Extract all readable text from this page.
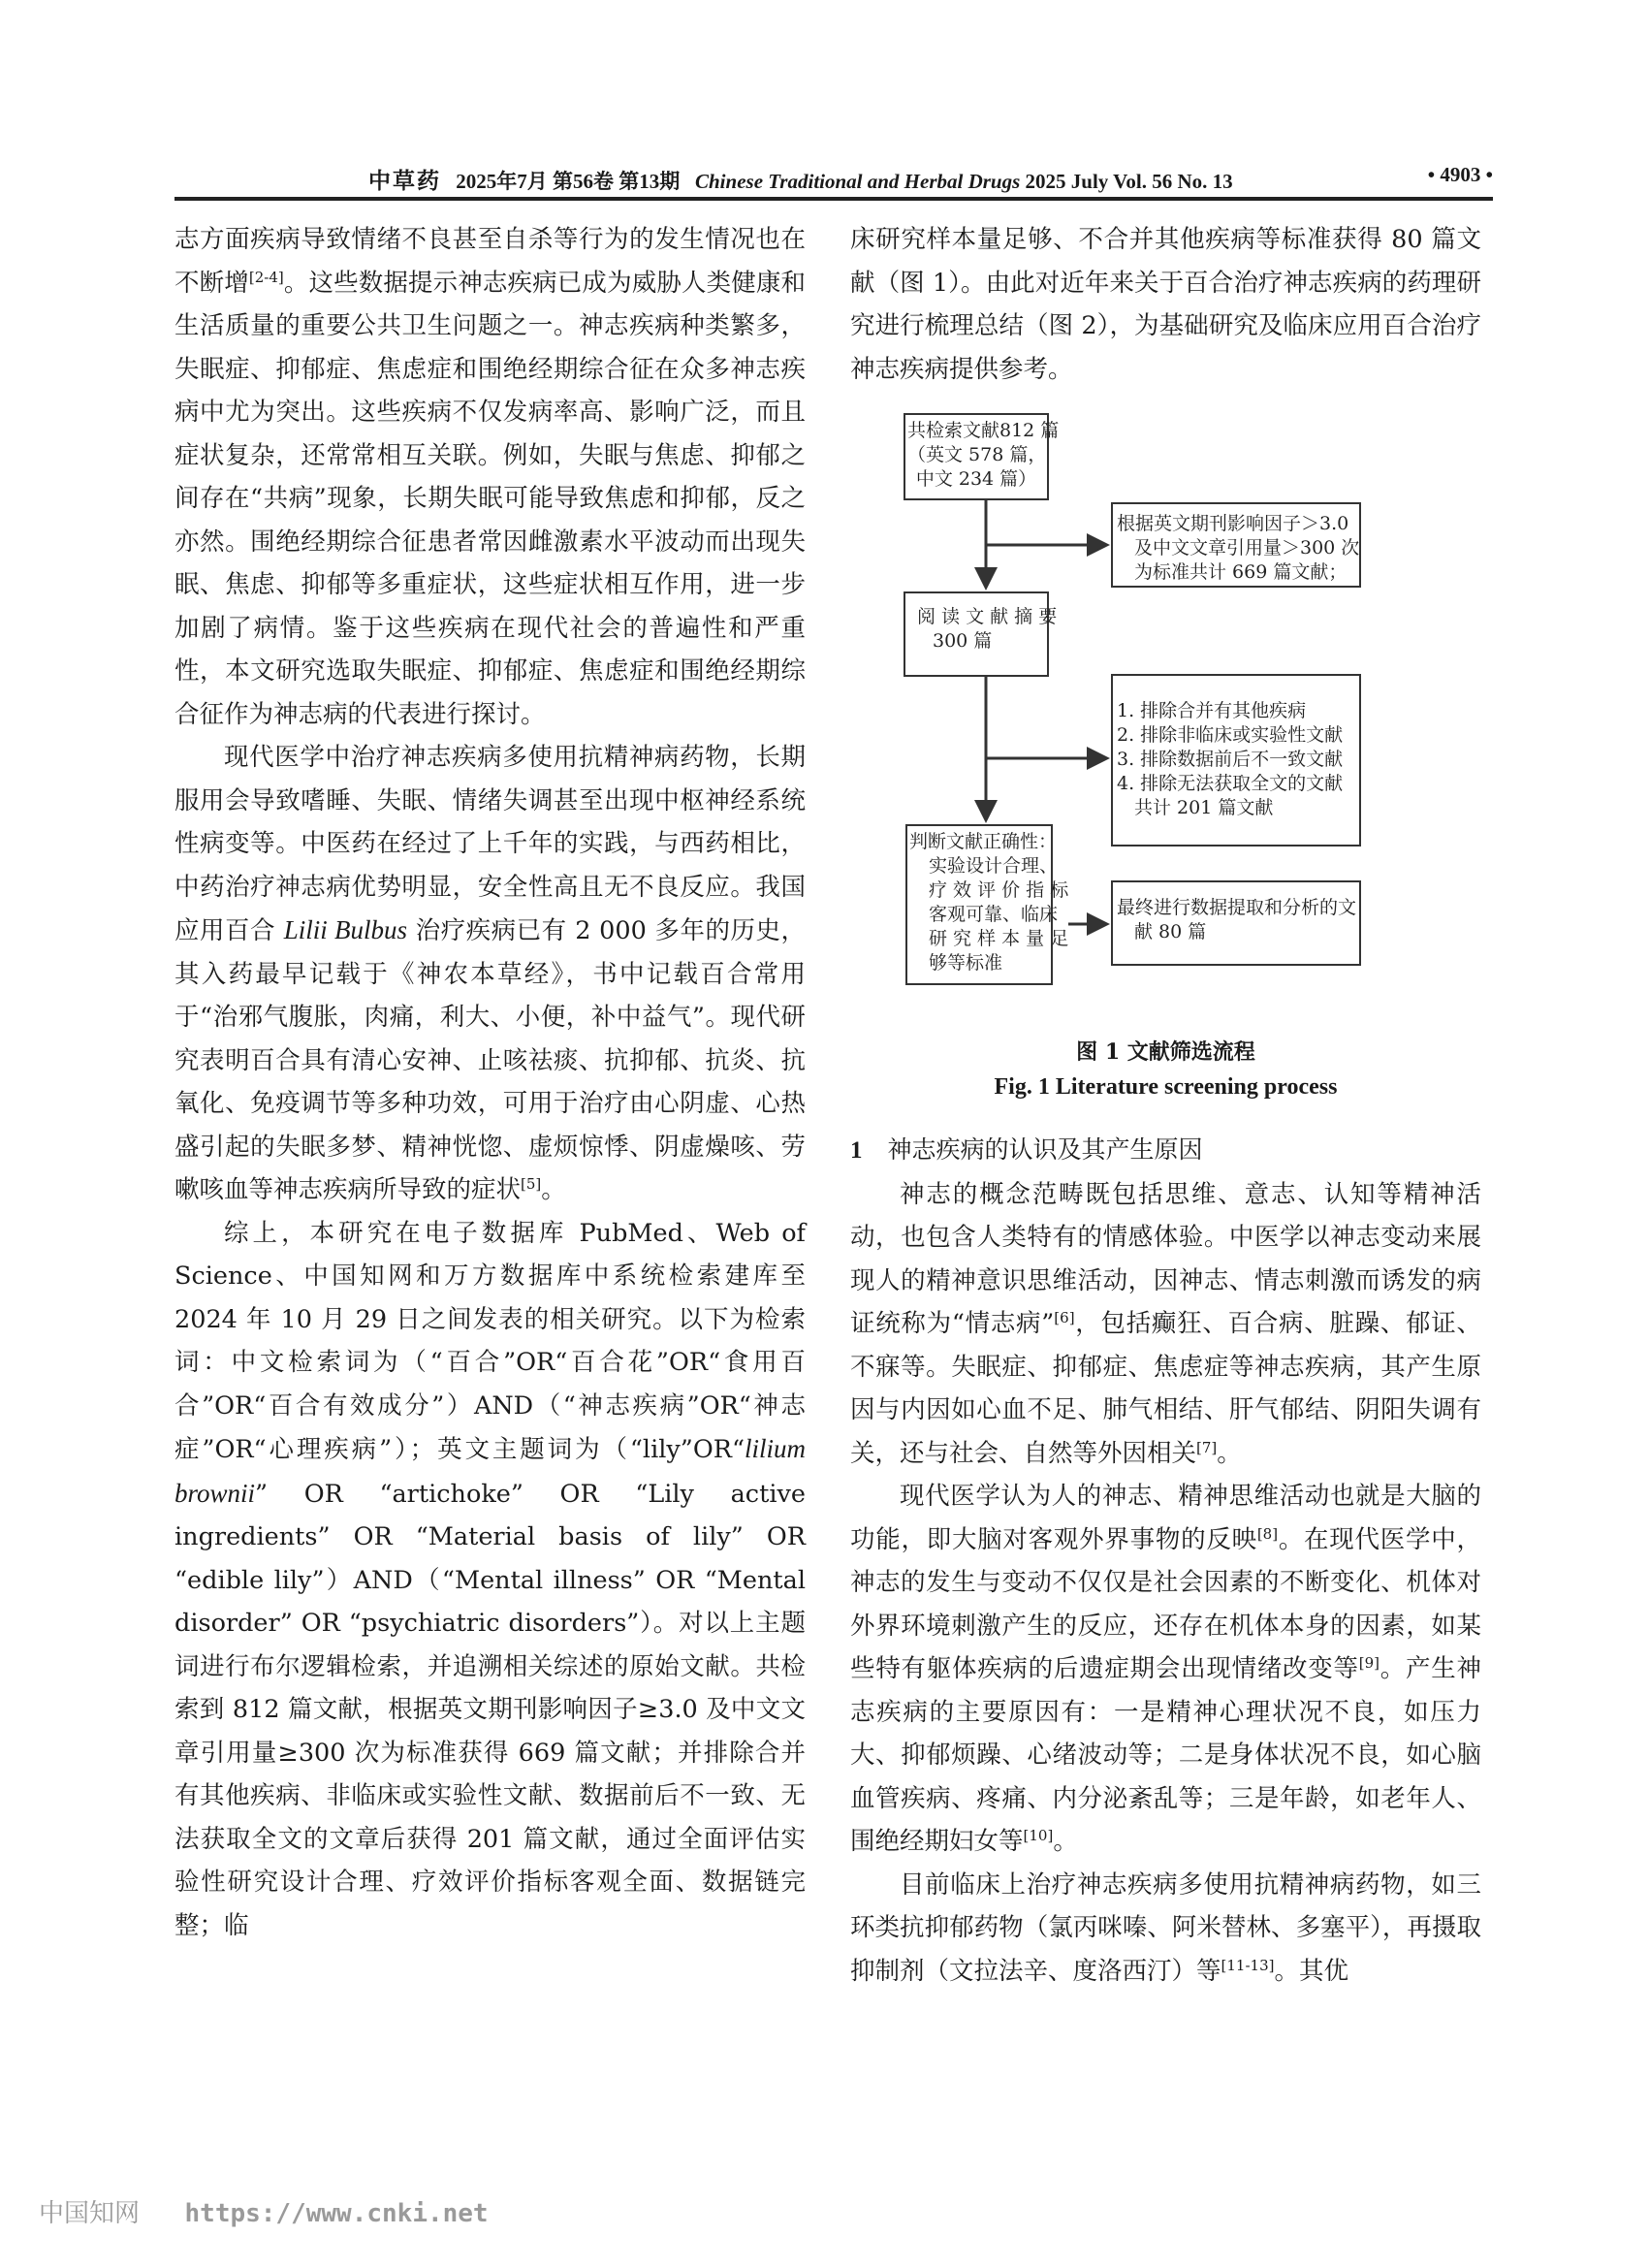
中草药 2025年7月 第56卷 第13期 Chinese Traditional and Herbal Drugs 2025 July Vol. 56 No. 13	• 4903 •

志方面疾病导致情绪不良甚至自杀等行为的发生情况也在不断增[2-4]。这些数据提示神志疾病已成为威胁人类健康和生活质量的重要公共卫生问题之一。神志疾病种类繁多，失眠症、抑郁症、焦虑症和围绝经期综合征在众多神志疾病中尤为突出。这些疾病不仅发病率高、影响广泛，而且症状复杂，还常常相互关联。例如，失眠与焦虑、抑郁之间存在“共病”现象，长期失眠可能导致焦虑和抑郁，反之亦然。围绝经期综合征患者常因雌激素水平波动而出现失眠、焦虑、抑郁等多重症状，这些症状相互作用，进一步加剧了病情。鉴于这些疾病在现代社会的普遍性和严重性，本文研究选取失眠症、抑郁症、焦虑症和围绝经期综合征作为神志病的代表进行探讨。

现代医学中治疗神志疾病多使用抗精神病药物，长期服用会导致嗜睡、失眠、情绪失调甚至出现中枢神经系统性病变等。中医药在经过了上千年的实践，与西药相比，中药治疗神志病优势明显，安全性高且无不良反应。我国应用百合 Lilii Bulbus 治疗疾病已有 2 000 多年的历史，其入药最早记载于《神农本草经》，书中记载百合常用于“治邪气腹胀，肉痛，利大、小便，补中益气”。现代研究表明百合具有清心安神、止咳祛痰、抗抑郁、抗炎、抗氧化、免疫调节等多种功效，可用于治疗由心阴虚、心热盛引起的失眠多梦、精神恍惚、虚烦惊悸、阴虚燥咳、劳嗽咳血等神志疾病所导致的症状[5]。

综上，本研究在电子数据库 PubMed、Web of Science、中国知网和万方数据库中系统检索建库至 2024 年 10 月 29 日之间发表的相关研究。以下为检索词：中文检索词为（“百合”OR“百合花”OR“食用百合”OR“百合有效成分”）AND（“神志疾病”OR“神志症”OR“心理疾病”）；英文主题词为（“lily”OR“lilium brownii” OR “artichoke” OR “Lily active ingredients” OR “Material basis of lily” OR “edible lily”）AND（“Mental illness” OR “Mental disorder” OR “psychiatric disorders”）。对以上主题词进行布尔逻辑检索，并追溯相关综述的原始文献。共检索到 812 篇文献，根据英文期刊影响因子≥3.0 及中文文章引用量≥300 次为标准获得 669 篇文献；并排除合并有其他疾病、非临床或实验性文献、数据前后不一致、无法获取全文的文章后获得 201 篇文献，通过全面评估实验性研究设计合理、疗效评价指标客观全面、数据链完整；临

床研究样本量足够、不合并其他疾病等标准获得 80 篇文献（图 1）。由此对近年来关于百合治疗神志疾病的药理研究进行梳理总结（图 2），为基础研究及临床应用百合治疗神志疾病提供参考。

共检索文献812 篇
（英文 578 篇，
中文 234 篇）
根据英文期刊影响因子＞3.0
及中文文章引用量＞300 次
为标准共计 669 篇文献；
阅 读 文 献 摘 要
300 篇
1. 排除合并有其他疾病
2. 排除非临床或实验性文献
3. 排除数据前后不一致文献
4. 排除无法获取全文的文献
共计 201 篇文献
判断文献正确性：
实验设计合理、
疗 效 评 价 指 标
客观可靠、临床
研 究 样 本 量 足
够等标准
最终进行数据提取和分析的文
献 80 篇
图 1 文献筛选流程
Fig. 1 Literature screening process

1 神志疾病的认识及其产生原因

神志的概念范畴既包括思维、意志、认知等精神活动，也包含人类特有的情感体验。中医学以神志变动来展现人的精神意识思维活动，因神志、情志刺激而诱发的病证统称为“情志病”[6]，包括癫狂、百合病、脏躁、郁证、不寐等。失眠症、抑郁症、焦虑症等神志疾病，其产生原因与内因如心血不足、肺气相结、肝气郁结、阴阳失调有关，还与社会、自然等外因相关[7]。

现代医学认为人的神志、精神思维活动也就是大脑的功能，即大脑对客观外界事物的反映[8]。在现代医学中，神志的发生与变动不仅仅是社会因素的不断变化、机体对外界环境刺激产生的反应，还存在机体本身的因素，如某些特有躯体疾病的后遗症期会出现情绪改变等[9]。产生神志疾病的主要原因有：一是精神心理状况不良，如压力大、抑郁烦躁、心绪波动等；二是身体状况不良，如心脑血管疾病、疼痛、内分泌紊乱等；三是年龄，如老年人、围绝经期妇女等[10]。

目前临床上治疗神志疾病多使用抗精神病药物，如三环类抗抑郁药物（氯丙咪嗪、阿米替林、多塞平），再摄取抑制剂（文拉法辛、度洛西汀）等[11-13]。其优

中国知网 https://www.cnki.net
